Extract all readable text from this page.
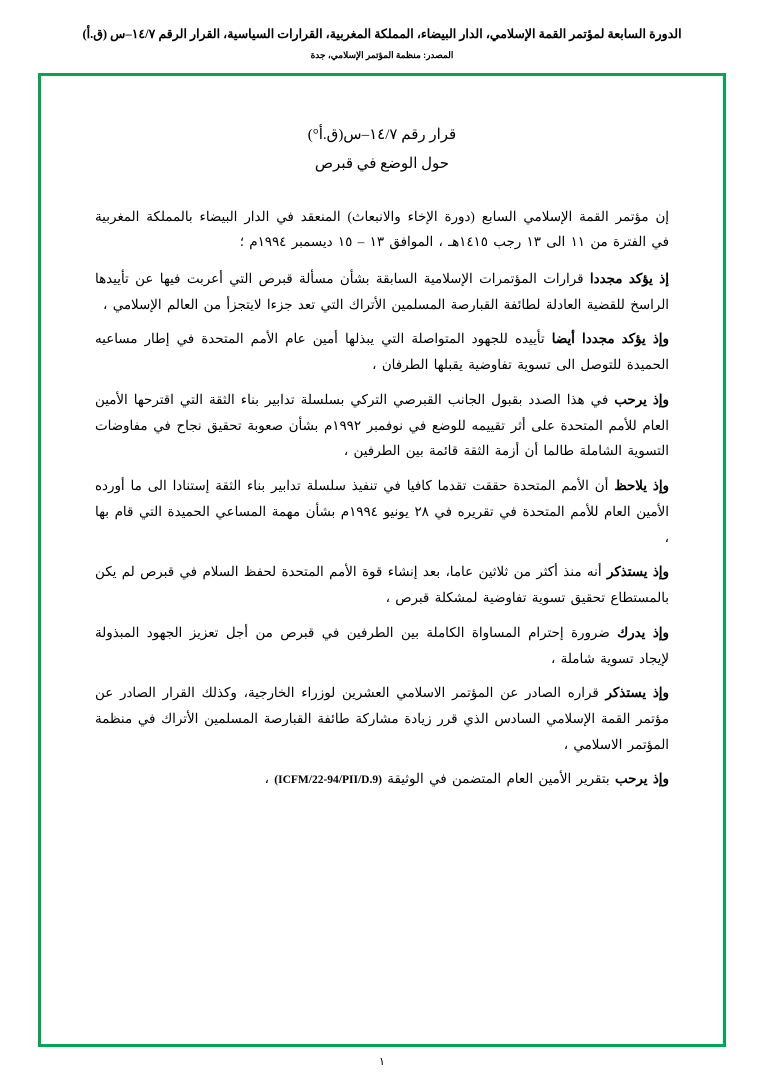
الدورة السابعة لمؤتمر القمة الإسلامي، الدار البيضاء، المملكة المغربية، القرارات السياسية، القرار الرقم ١٤/٧–س (ق.أ)
المصدر: منظمة المؤتمر الإسلامي، جدة
قرار رقم ١٤/٧–س(ق.أ°)
حول الوضع في قبرص

إن مؤتمر القمة الإسلامي السابع (دورة الإخاء والانبعاث) المنعقد في الدار البيضاء بالمملكة المغربية في الفترة من ١١ الى ١٣ رجب ١٤١٥هـ ، الموافق ١٣ – ١٥ ديسمبر ١٩٩٤م ؛

إذ يؤكد مجددا قرارات المؤتمرات الإسلامية السابقة بشأن مسألة قبرص التي أعربت فيها عن تأييدها الراسخ للقضية العادلة لطائفة القبارصة المسلمين الأتراك التي تعد جزءا لايتجزأ من العالم الإسلامي ،

وإذ يؤكد مجددا أيضا تأييده للجهود المتواصلة التي يبذلها أمين عام الأمم المتحدة في إطار مساعيه الحميدة للتوصل الى تسوية تفاوضية يقبلها الطرفان ،

وإذ يرحب في هذا الصدد بقبول الجانب القبرصي التركي بسلسلة تدابير بناء الثقة التي اقترحها الأمين العام للأمم المتحدة على أثر تقييمه للوضع في نوفمبر ١٩٩٢م بشأن صعوبة تحقيق نجاح في مفاوضات التسوية الشاملة طالما أن أزمة الثقة قائمة بين الطرفين ،

وإذ يلاحظ أن الأمم المتحدة حققت تقدما كافيا في تنفيذ سلسلة تدابير بناء الثقة إستنادا الى ما أورده الأمين العام للأمم المتحدة في تقريره في ٢٨ يونيو ١٩٩٤م بشأن مهمة المساعي الحميدة التي قام بها ،

وإذ يستذكر أنه منذ أكثر من ثلاثين عاما، بعد إنشاء قوة الأمم المتحدة لحفظ السلام في قبرص لم يكن بالمستطاع تحقيق تسوية تفاوضية لمشكلة قبرص ،

وإذ يدرك ضرورة إحترام المساواة الكاملة بين الطرفين في قبرص من أجل تعزيز الجهود المبذولة لإيجاد تسوية شاملة ،

وإذ يستذكر قراره الصادر عن المؤتمر الاسلامي العشرين لوزراء الخارجية، وكذلك القرار الصادر عن مؤتمر القمة الإسلامي السادس الذي قرر زيادة مشاركة طائفة القبارصة المسلمين الأتراك في منظمة المؤتمر الاسلامي ،

وإذ يرحب بتقرير الأمين العام المتضمن في الوثيقة (ICFM/22-94/PII/D.9) ،

١
